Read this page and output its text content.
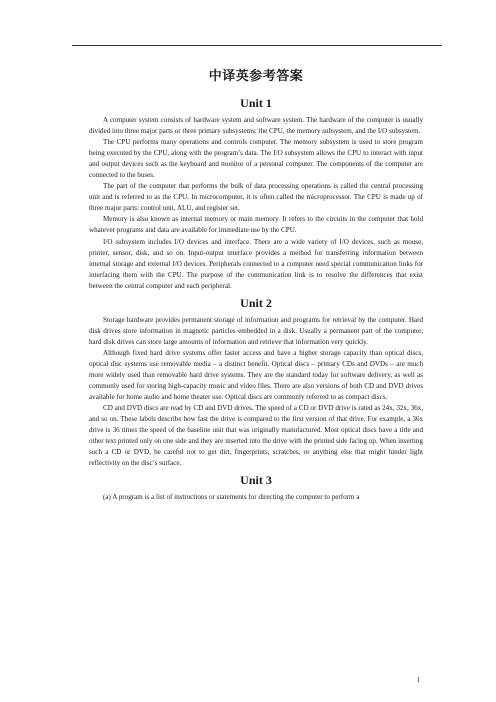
中译英参考答案
Unit 1

A computer system consists of hardware system and software system. The hardware of the computer is usually divided into three major parts or three primary subsystems: the CPU, the memory subsystem, and the I/O subsystem.

The CPU performs many operations and controls computer. The memory subsystem is used to store program being executed by the CPU, along with the program’s data. The I/O subsystem allows the CPU to interact with input and output devices such as the keyboard and monitor of a personal computer. The components of the computer are connected to the buses.

The part of the computer that performs the bulk of data processing operations is called the central processing unit and is referred to as the CPU. In microcomputer, it is often called the microprocessor. The CPU is made up of three major parts: control unit, ALU, and register set.

Memory is also known as internal memory or main memory. It refers to the circuits in the computer that hold whatever programs and data are available for immediate use by the CPU.

I/O subsystem includes I/O devices and interface. There are a wide variety of I/O devices, such as mouse, printer, sensor, disk, and so on. Input-output interface provides a method for transferring information between internal storage and external I/O devices. Peripherals connected to a computer need special communication links for interfacing them with the CPU. The purpose of the communication link is to resolve the differences that exist between the central computer and each peripheral.

Unit 2

Storage hardware provides permanent storage of information and programs for retrieval by the computer. Hard disk drives store information in magnetic particles embedded in a disk. Usually a permanent part of the computer, hard disk drives can store large amounts of information and retrieve that information very quickly.

Although fixed hard drive systems offer faster access and have a higher storage capacity than optical discs, optical disc systems use removable media – a distinct benefit. Optical discs – primary CDs and DVDs – are much more widely used than removable hard drive systems. They are the standard today for software delivery, as well as commonly used for storing high-capacity music and video files. There are also versions of both CD and DVD drives available for home audio and home theater use. Optical discs are commonly referred to as compact discs.

CD and DVD discs are read by CD and DVD drives. The speed of a CD or DVD drive is rated as 24x, 32x, 36x, and so on. These labels describe how fast the drive is compared to the first version of that drive. For example, a 36x drive is 36 times the speed of the baseline unit that was originally manufactured. Most optical discs have a title and other text printed only on one side and they are inserted into the drive with the printed side facing up. When inserting such a CD or DVD, be careful not to get dirt, fingerprints, scratches, or anything else that might hinder light reflectivity on the disc’s surface.

Unit 3

(a) A program is a list of instructions or statements for directing the computer to perform a

1
